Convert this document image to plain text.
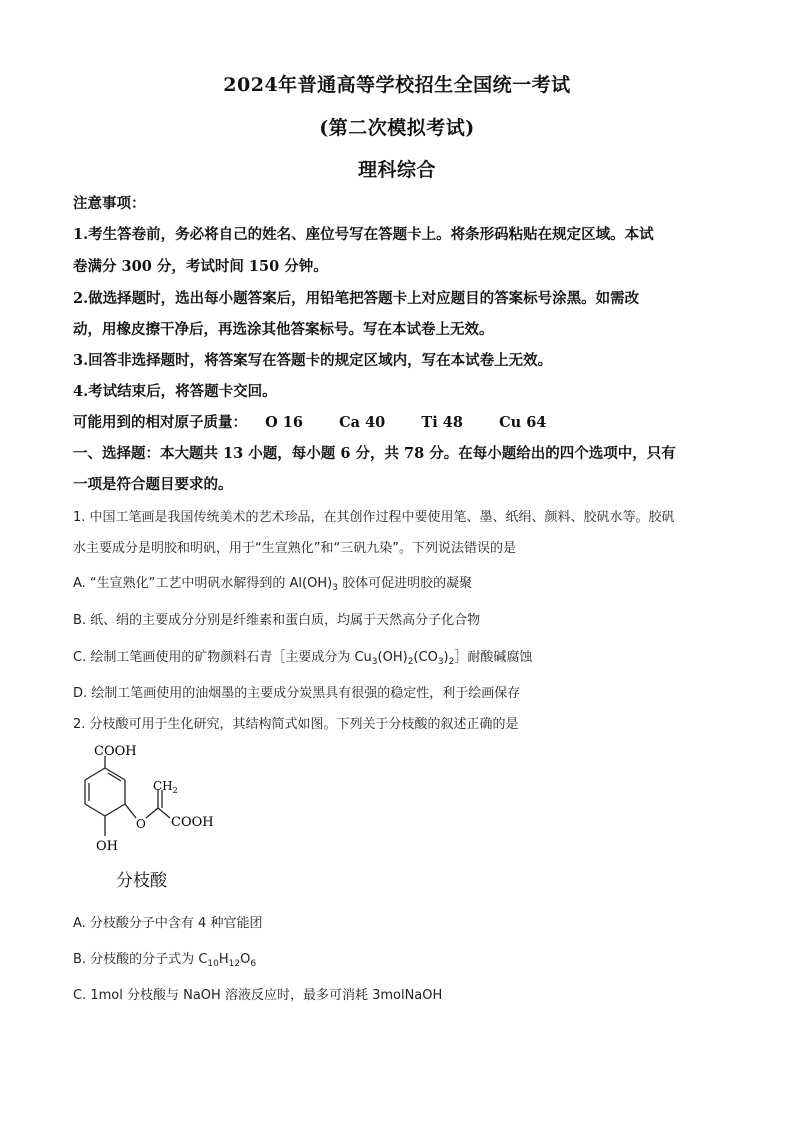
2024年普通高等学校招生全国统一考试
(第二次模拟考试)
理科综合
注意事项：
1.考生答卷前，务必将自己的姓名、座位号写在答题卡上。将条形码粘贴在规定区域。本试
卷满分 300 分，考试时间 150 分钟。
2.做选择题时，选出每小题答案后，用铅笔把答题卡上对应题目的答案标号涂黑。如需改
动，用橡皮擦干净后，再选涂其他答案标号。写在本试卷上无效。
3.回答非选择题时，将答案写在答题卡的规定区域内，写在本试卷上无效。
4.考试结束后，将答题卡交回。
可能用到的相对原子质量： O 16 Ca 40 Ti 48 Cu 64
一、选择题：本大题共 13 小题，每小题 6 分，共 78 分。在每小题给出的四个选项中，只有
一项是符合题目要求的。
1. 中国工笔画是我国传统美术的艺术珍品，在其创作过程中要使用笔、墨、纸绢、颜料、胶矾水等。胶矾
水主要成分是明胶和明矾，用于“生宣熟化”和“三矾九染”。下列说法错误的是
A. “生宣熟化”工艺中明矾水解得到的 $Al(OH)_3$ 胶体可促进明胶的凝聚
B. 纸、绢的主要成分分别是纤维素和蛋白质，均属于天然高分子化合物
C. 绘制工笔画使用的矿物颜料石青［主要成分为 $Cu_3(OH)_2(CO_3)_2]$耐酸碱腐蚀
D. 绘制工笔画使用的油烟墨的主要成分炭黑具有很强的稳定性，利于绘画保存
2. 分枝酸可用于生化研究，其结构简式如图。下列关于分枝酸的叙述正确的是
COOH
$CH_2$
O COOH
OH
分枝酸
A. 分枝酸分子中含有 4 种官能团
B. 分枝酸的分子式为 $C_{10}H_{12}O_6$
C. 1mol 分枝酸与 NaOH 溶液反应时，最多可消耗 3molNaOH
